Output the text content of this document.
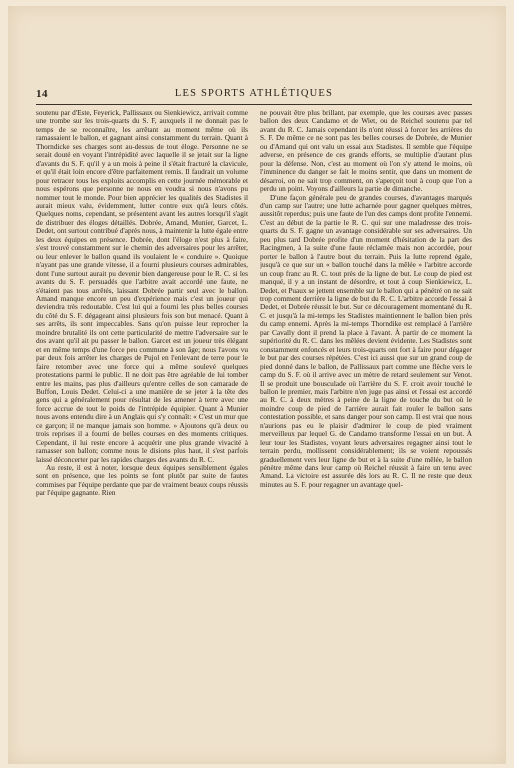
14	LES SPORTS ATHLÉTIQUES

soutenu par d'Este, Feyerick, Pallissaux ou Sienkiewicz, arrivait comme une trombe sur les trois-quarts du S. F, auxquels il ne donnait pas le temps de se reconnaître, les arrêtant au moment même où ils ramassaient le ballon, et gagnant ainsi constamment du terrain. Quant à Thorndicke ses charges sont au-dessus de tout éloge. Personne ne se serait douté en voyant l'intrépidité avec laquelle il se jetait sur la ligne d'avants du S. F. qu'il y a un mois à peine il s'était fracturé la clavicule, et qu'il était loin encore d'être parfaitement remis. Il faudrait un volume pour retracer tous les exploits accomplis en cette journée mémorable et nous espérons que personne ne nous en voudra si nous n'avons pu nommer tout le monde. Pour bien apprécier les qualités des Stadistes il aurait mieux valu, évidemment, lutter contre eux qu'à leurs côtés. Quelques noms, cependant, se présentent avant les autres lorsqu'il s'agit de distribuer des éloges détaillés. Dobrée, Amand, Munier, Garcet, L. Dedet, ont surtout contribué d'après nous, à maintenir la lutte égale entre les deux équipes en présence. Dobrée, dont l'éloge n'est plus à faire, s'est trouvé constamment sur le chemin des adversaires pour les arrêter, ou leur enlever le ballon quand ils voulaient le « conduire ». Quoique n'ayant pas une grande vitesse, il a fourni plusieurs courses admirables, dont l'une surtout aurait pu devenir bien dangereuse pour le R. C. si les avants du S. F. persuadés que l'arbitre avait accordé une faute, ne s'étaient pas tous arrêtés, laissant Dobrée partir seul avec le ballon. Amand manque encore un peu d'expérience mais c'est un joueur qui deviendra très redoutable. C'est lui qui a fourni les plus belles courses du côté du S. F. dégageant ainsi plusieurs fois son but menacé. Quant à ses arrêts, ils sont impeccables. Sans qu'on puisse leur reprocher la moindre brutalité ils ont cette particularité de mettre l'adversaire sur le dos avant qu'il ait pu passer le ballon. Garcet est un joueur très élégant et en même temps d'une force peu commune à son âge; nous l'avons vu par deux fois arrêter les charges de Pujol en l'enlevant de terre pour le faire retomber avec une force qui a même soulevé quelques protestations parmi le public. Il ne doit pas être agréable de lui tomber entre les mains, pas plus d'ailleurs qu'entre celles de son camarade de Buffon, Louis Dedet. Celui-ci a une manière de se jeter à la tête des gens qui a généralement pour résultat de les amener à terre avec une force accrue de tout le poids de l'intrépide équipier. Quant à Munier nous avons entendu dire à un Anglais qui s'y connaît: « C'est un mur que ce garçon; il ne manque jamais son homme. » Ajoutons qu'à deux ou trois reprises il a fourni de belles courses en des moments critiques. Cependant, il lui reste encore à acquérir une plus grande vivacité à ramasser son ballon; comme nous le disions plus haut, il s'est parfois laissé déconcerter par les rapides charges des avants du R. C.

Au reste, il est à noter, lorsque deux équipes sensiblement égales sont en présence, que les points se font plutôt par suite de fautes commises par l'équipe perdante que par de vraiment beaux coups réussis par l'équipe gagnante. Rien

ne pouvait être plus brillant, par exemple, que les courses avec passes ballon des deux Candamo et de Wiet, ou de Reichel soutenu par tel avant du R. C. Jamais cependant ils n'ont réussi à forcer les arrières du S. F. De même ce ne sont pas les belles courses de Dobrée, de Munier ou d'Amand qui ont valu un essai aux Stadistes. Il semble que l'équipe adverse, en présence de ces grands efforts, se multiplie d'autant plus pour la défense. Non, c'est au moment où l'on s'y attend le moins, où l'imminence du danger se fait le moins sentir, que dans un moment de désarroi, on ne sait trop comment, on s'aperçoit tout à coup que l'on a perdu un point. Voyons d'ailleurs la partie de dimanche.

D'une façon générale peu de grandes courses, d'avantages marqués d'un camp sur l'autre; une lutte acharnée pour gagner quelques mètres, aussitôt reperdus; puis une faute de l'un des camps dont profite l'ennemi. C'est au début de la partie le R. C. qui sur une maladresse des trois-quarts du S. F. gagne un avantage considérable sur ses adversaires. Un peu plus tard Dobrée profite d'un moment d'hésitation de la part des Racingmen, à la suite d'une faute réclamée mais non accordée, pour porter le ballon à l'autre bout du terrain. Puis la lutte reprend égale, jusqu'à ce que sur un « ballon touché dans la mêlée » l'arbitre accorde un coup franc au R. C. tout près de la ligne de but. Le coup de pied est manqué, il y a un instant de désordre, et tout à coup Sienkiewicz, L. Dedet, et Puaux se jettent ensemble sur le ballon qui a pénétré on ne sait trop comment derrière la ligne de but du R. C. L'arbitre accorde l'essai à Dedet, et Dobrée réussit le but. Sur ce découragement momentané du R. C. et jusqu'à la mi-temps les Stadistes maintiennent le ballon bien près du camp ennemi. Après la mi-temps Thorndike est remplacé à l'arrière par Cavally dont il prend la place à l'avant. À partir de ce moment la supériorité du R. C. dans les mêlées devient évidente. Les Stadistes sont constamment enfoncés et leurs trois-quarts ont fort à faire pour dégager le but par des courses répétées. C'est ici aussi que sur un grand coup de pied donné dans le ballon, de Pallissaux part comme une flèche vers le camp du S. F. où il arrive avec un mètre de retard seulement sur Venot. Il se produit une bousculade où l'arrière du S. F. croit avoir touché le ballon le premier, mais l'arbitre n'en juge pas ainsi et l'essai est accordé au R. C. à deux mètres à peine de la ligne de touche du but où le moindre coup de pied de l'arrière aurait fait rouler le ballon sans contestation possible, et sans danger pour son camp. Il est vrai que nous n'aurions pas eu le plaisir d'admirer le coup de pied vraiment merveilleux par lequel G. de Candamo transforme l'essai en un but. À leur tour les Stadistes, voyant leurs adversaires regagner ainsi tout le terrain perdu, mollissent considérablement; ils se voient repoussés graduellement vers leur ligne de but et à la suite d'une mêlée, le ballon pénètre même dans leur camp où Reichel réussit à faire un tenu avec Amand. La victoire est assurée dès lors au R. C. Il ne reste que deux minutes au S. F. pour regagner un avantage quel-
